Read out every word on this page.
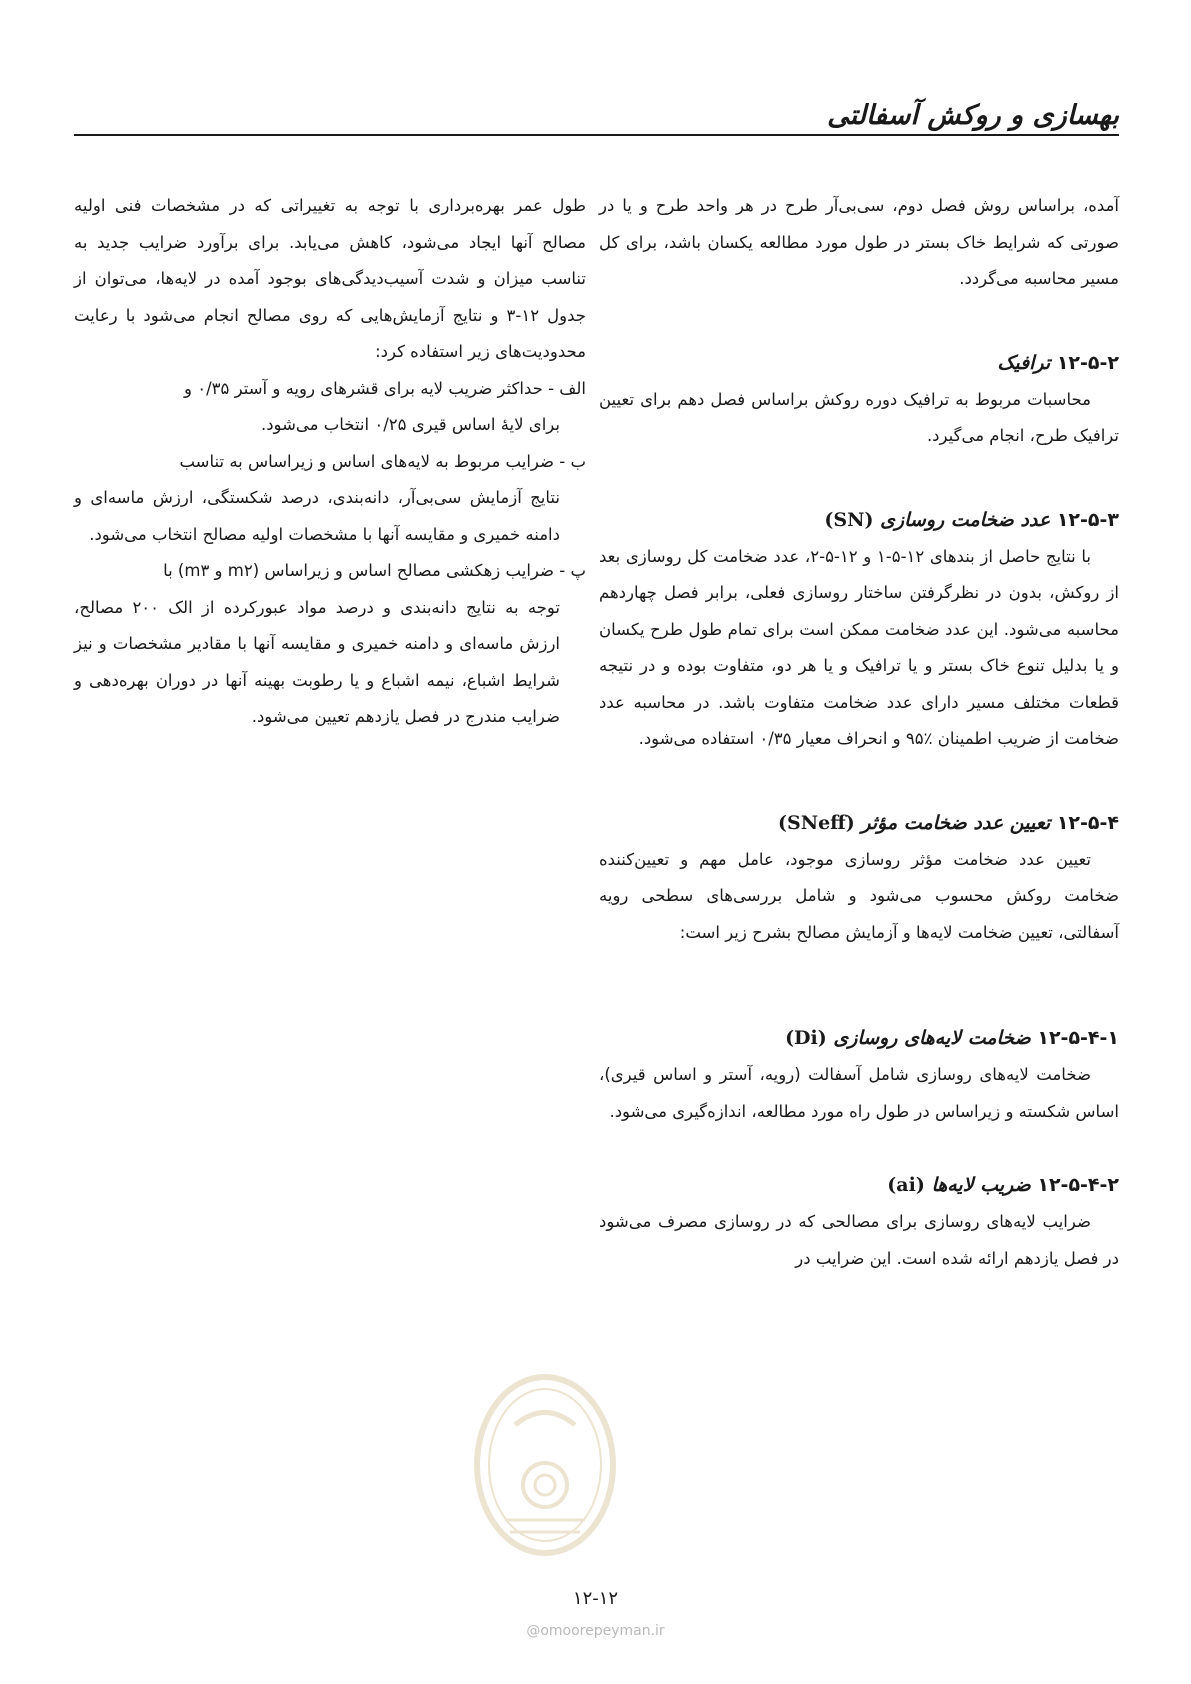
بهسازی و روکش آسفالتی

آمده، براساس روش فصل دوم، سی‌بی‌آر طرح در هر واحد طرح و یا در صورتی که شرایط خاک بستر در طول مورد مطالعه یکسان باشد، برای کل مسیر محاسبه می‌گردد.

۱۲-۵-۲ ترافیک

محاسبات مربوط به ترافیک دوره روکش براساس فصل دهم برای تعیین ترافیک طرح، انجام می‌گیرد.

۱۲-۵-۳ عدد ضخامت روسازی (SN)

با نتایج حاصل از بندهای ۱۲-۵-۱ و ۱۲-۵-۲، عدد ضخامت کل روسازی بعد از روکش، بدون در نظرگرفتن ساختار روسازی فعلی، برابر فصل چهاردهم محاسبه می‌شود. این عدد ضخامت ممکن است برای تمام طول طرح یکسان و یا بدلیل تنوع خاک بستر و یا ترافیک و یا هر دو، متفاوت بوده و در نتیجه قطعات مختلف مسیر دارای عدد ضخامت متفاوت باشد. در محاسبه عدد ضخامت از ضریب اطمینان ٪۹۵ و انحراف معیار ۰/۳۵ استفاده می‌شود.

۱۲-۵-۴ تعیین عدد ضخامت مؤثر (SNeff)

تعیین عدد ضخامت مؤثر روسازی موجود، عامل مهم و تعیین‌کننده ضخامت روکش محسوب می‌شود و شامل بررسی‌های سطحی رویه آسفالتی، تعیین ضخامت لایه‌ها و آزمایش مصالح بشرح زیر است:

۱۲-۵-۴-۱ ضخامت لایه‌های روسازی (Di)

ضخامت لایه‌های روسازی شامل آسفالت (رویه، آستر و اساس قیری)، اساس شکسته و زیراساس در طول راه مورد مطالعه، اندازه‌گیری می‌شود.

۱۲-۵-۴-۲ ضریب لایه‌ها (ai)

ضرایب لایه‌های روسازی برای مصالحی که در روسازی مصرف می‌شود در فصل یازدهم ارائه شده است. این ضرایب در

طول عمر بهره‌برداری با توجه به تغییراتی که در مشخصات فنی اولیه مصالح آنها ایجاد می‌شود، کاهش می‌یابد. برای برآورد ضرایب جدید به تناسب میزان و شدت آسیب‌دیدگی‌های بوجود آمده در لایه‌ها، می‌توان از جدول ۱۲-۳ و نتایج آزمایش‌هایی که روی مصالح انجام می‌شود با رعایت محدودیت‌های زیر استفاده کرد:

الف - حداکثر ضریب لایه برای قشرهای رویه و آستر ۰/۳۵ و

برای لایهٔ اساس قیری ۰/۲۵ انتخاب می‌شود.

ب - ضرایب مربوط به لایه‌های اساس و زیراساس به تناسب

نتایج آزمایش سی‌بی‌آر، دانه‌بندی، درصد شکستگی، ارزش ماسه‌ای و دامنه خمیری و مقایسه آنها با مشخصات اولیه مصالح انتخاب می‌شود.

پ - ضرایب زهکشی مصالح اساس و زیراساس (m۲ و m۳) با

توجه به نتایج دانه‌بندی و درصد مواد عبورکرده از الک ۲۰۰ مصالح، ارزش ماسه‌ای و دامنه خمیری و مقایسه آنها با مقادیر مشخصات و نیز شرایط اشباع، نیمه اشباع و یا رطوبت بهینه آنها در دوران بهره‌دهی و ضرایب مندرج در فصل یازدهم تعیین می‌شود.

۱۲-۱۲
@omoorepeyman.ir
